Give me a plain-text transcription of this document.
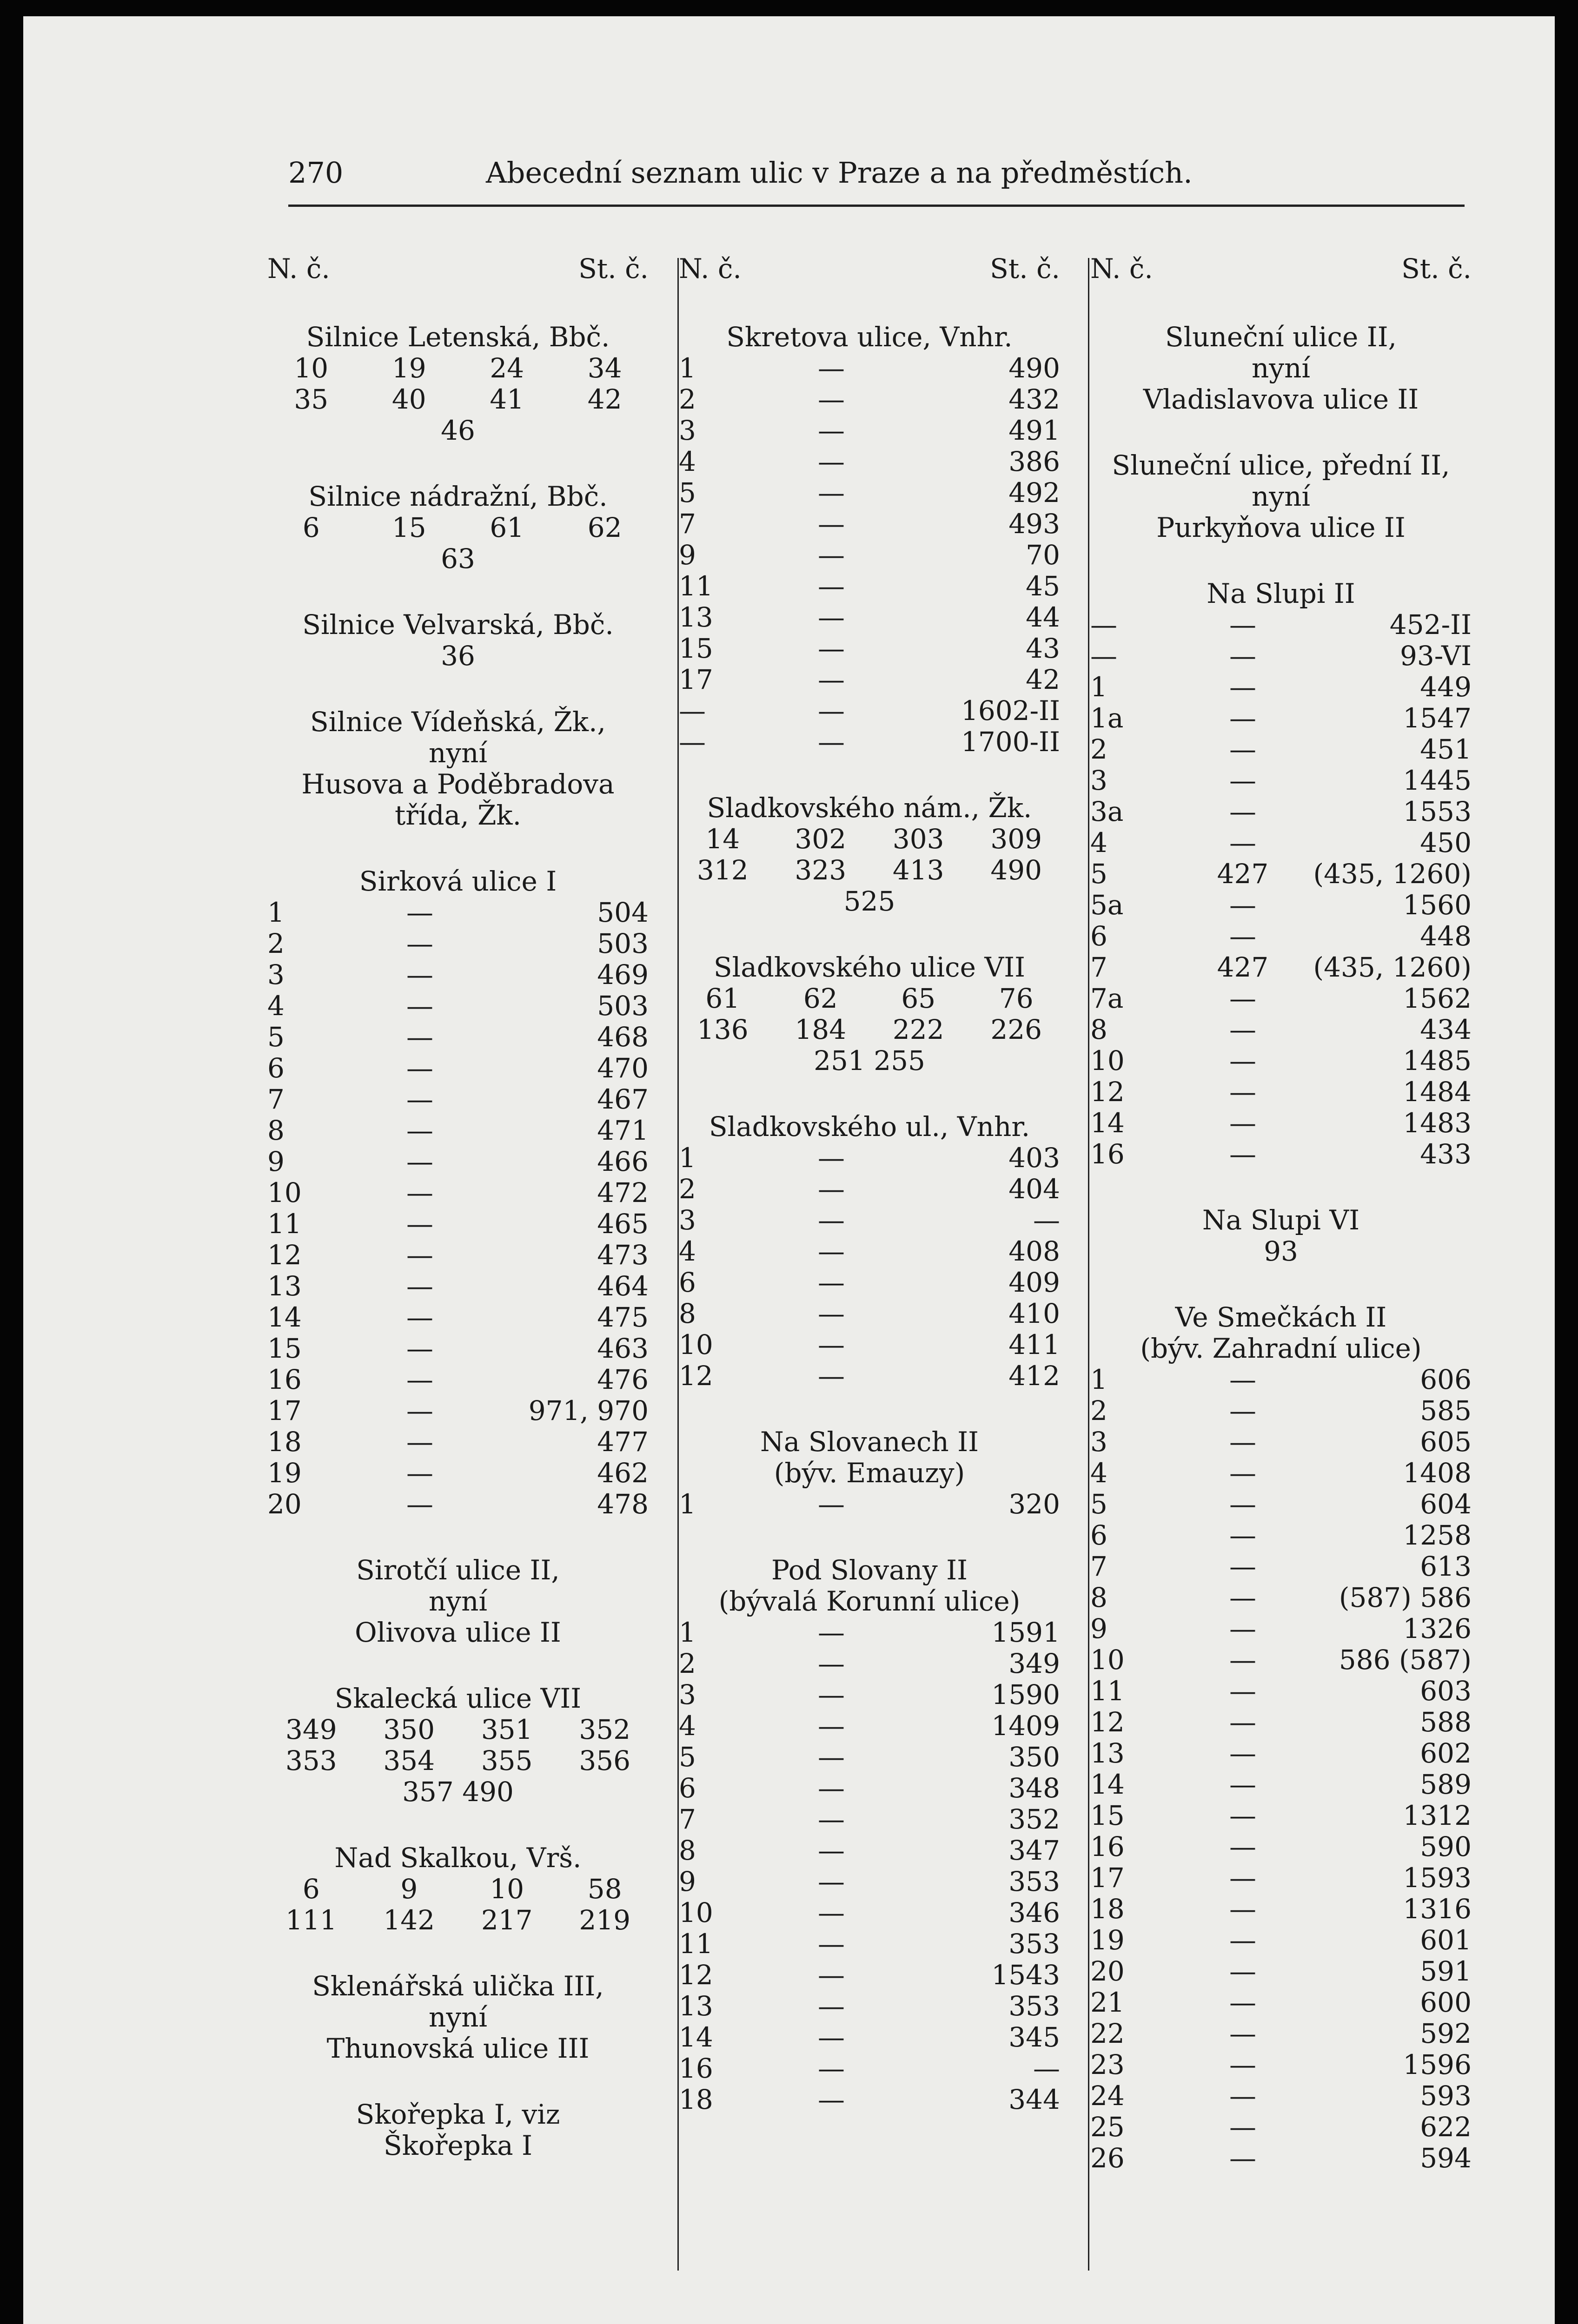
270	Abecední seznam ulic v Praze a na předměstích.
N. č.	St. č.
Silnice Letenská, Bbč.
10	19	24	34
35	40	41	42
46
Silnice nádražní, Bbč.
6	15	61	62
63
Silnice Velvarská, Bbč.
36
Silnice Vídeňská, Žk.,
nyní
Husova a Poděbradova
třída, Žk.
Sirková ulice I
1	—	504
2	—	503
3	—	469
4	—	503
5	—	468
6	—	470
7	—	467
8	—	471
9	—	466
10	—	472
11	—	465
12	—	473
13	—	464
14	—	475
15	—	463
16	—	476
17	—	971, 970
18	—	477
19	—	462
20	—	478
Sirotčí ulice II,
nyní
Olivova ulice II
Skalecká ulice VII
349	350	351	352
353	354	355	356
357 490
Nad Skalkou, Vrš.
6	9	10	58
111	142	217	219
Sklenářská ulička III,
nyní
Thunovská ulice III
Skořepka I, viz
Škořepka I
N. č.	St. č.
Skretova ulice, Vnhr.
1	—	490
2	—	432
3	—	491
4	—	386
5	—	492
7	—	493
9	—	70
11	—	45
13	—	44
15	—	43
17	—	42
—	—	1602-II
—	—	1700-II
Sladkovského nám., Žk.
14	302	303	309
312	323	413	490
525
Sladkovského ulice VII
61	62	65	76
136	184	222	226
251 255
Sladkovského ul., Vnhr.
1	—	403
2	—	404
3	—	—
4	—	408
6	—	409
8	—	410
10	—	411
12	—	412
Na Slovanech II
(býv. Emauzy)
1	—	320
Pod Slovany II
(bývalá Korunní ulice)
1	—	1591
2	—	349
3	—	1590
4	—	1409
5	—	350
6	—	348
7	—	352
8	—	347
9	—	353
10	—	346
11	—	353
12	—	1543
13	—	353
14	—	345
16	—	—
18	—	344
N. č.	St. č.
Sluneční ulice II,
nyní
Vladislavova ulice II
Sluneční ulice, přední II,
nyní
Purkyňova ulice II
Na Slupi II
—	—	452-II
—	—	93-VI
1	—	449
1a	—	1547
2	—	451
3	—	1445
3a	—	1553
4	—	450
5	427	(435, 1260)
5a	—	1560
6	—	448
7	427	(435, 1260)
7a	—	1562
8	—	434
10	—	1485
12	—	1484
14	—	1483
16	—	433
Na Slupi VI
93
Ve Smečkách II
(býv. Zahradní ulice)
1	—	606
2	—	585
3	—	605
4	—	1408
5	—	604
6	—	1258
7	—	613
8	—	(587) 586
9	—	1326
10	—	586 (587)
11	—	603
12	—	588
13	—	602
14	—	589
15	—	1312
16	—	590
17	—	1593
18	—	1316
19	—	601
20	—	591
21	—	600
22	—	592
23	—	1596
24	—	593
25	—	622
26	—	594
